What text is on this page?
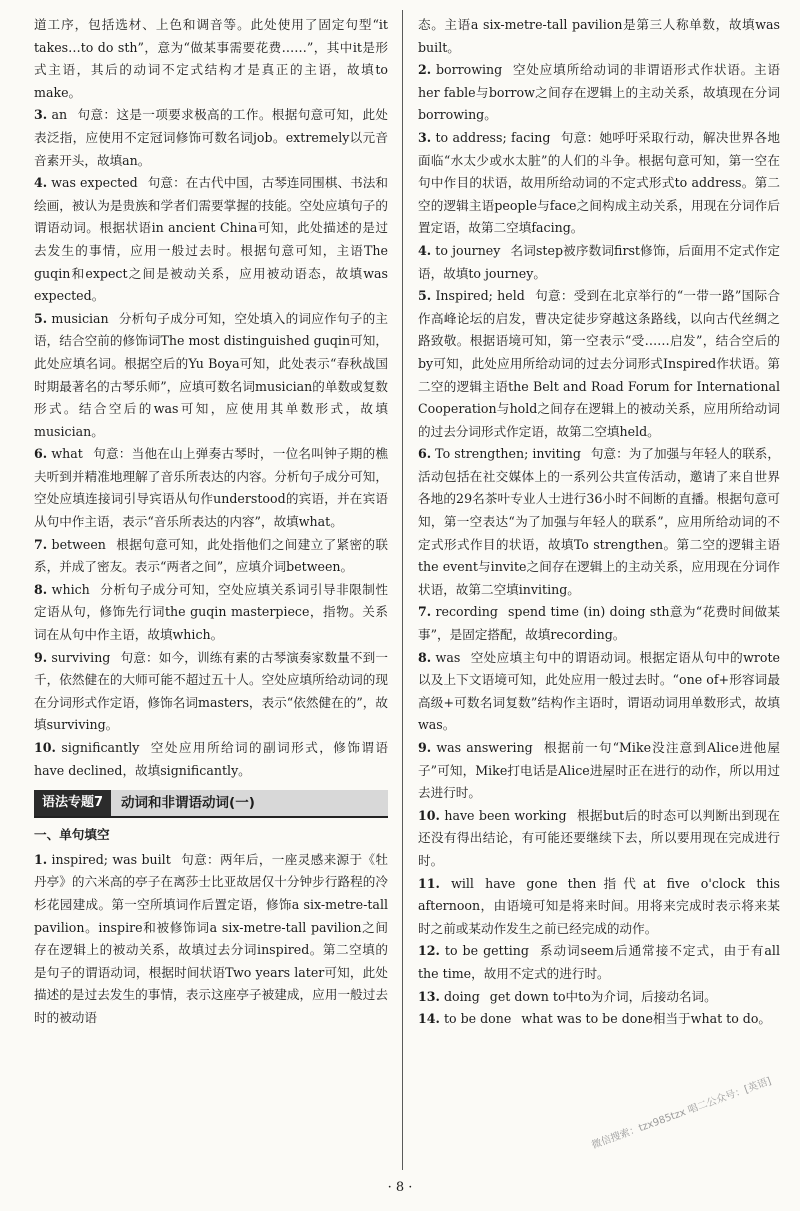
道工序，包括选材、上色和调音等。此处使用了固定句型“it takes…to do sth”，意为“做某事需要花费……”，其中it是形式主语，其后的动词不定式结构才是真正的主语，故填to make。

3. an 句意：这是一项要求极高的工作。根据句意可知，此处表泛指，应使用不定冠词修饰可数名词job。extremely以元音音素开头，故填an。

4. was expected 句意：在古代中国，古琴连同围棋、书法和绘画，被认为是贵族和学者们需要掌握的技能。空处应填句子的谓语动词。根据状语in ancient China可知，此处描述的是过去发生的事情，应用一般过去时。根据句意可知，主语The guqin和expect之间是被动关系，应用被动语态，故填was expected。

5. musician 分析句子成分可知，空处填入的词应作句子的主语，结合空前的修饰词The most distinguished guqin可知，此处应填名词。根据空后的Yu Boya可知，此处表示“春秋战国时期最著名的古琴乐师”，应填可数名词musician的单数或复数形式。结合空后的was可知，应使用其单数形式，故填musician。

6. what 句意：当他在山上弹奏古琴时，一位名叫钟子期的樵夫听到并精准地理解了音乐所表达的内容。分析句子成分可知，空处应填连接词引导宾语从句作understood的宾语，并在宾语从句中作主语，表示“音乐所表达的内容”，故填what。

7. between 根据句意可知，此处指他们之间建立了紧密的联系，并成了密友。表示“两者之间”，应填介词between。

8. which 分析句子成分可知，空处应填关系词引导非限制性定语从句，修饰先行词the guqin masterpiece，指物。关系词在从句中作主语，故填which。

9. surviving 句意：如今，训练有素的古琴演奏家数量不到一千，依然健在的大师可能不超过五十人。空处应填所给动词的现在分词形式作定语，修饰名词masters，表示“依然健在的”，故填surviving。

10. significantly 空处应用所给词的副词形式，修饰谓语have declined，故填significantly。

语法专题7	动词和非谓语动词(一)
一、单句填空

1. inspired; was built 句意：两年后，一座灵感来源于《牡丹亭》的六米高的亭子在离莎士比亚故居仅十分钟步行路程的冷杉花园建成。第一空所填词作后置定语，修饰a six-metre-tall pavilion。inspire和被修饰词a six-metre-tall pavilion之间存在逻辑上的被动关系，故填过去分词inspired。第二空填的是句子的谓语动词，根据时间状语Two years later可知，此处描述的是过去发生的事情，表示这座亭子被建成，应用一般过去时的被动语

态。主语a six-metre-tall pavilion是第三人称单数，故填was built。

2. borrowing 空处应填所给动词的非谓语形式作状语。主语her fable与borrow之间存在逻辑上的主动关系，故填现在分词borrowing。

3. to address; facing 句意：她呼吁采取行动，解决世界各地面临“水太少或水太脏”的人们的斗争。根据句意可知，第一空在句中作目的状语，故用所给动词的不定式形式to address。第二空的逻辑主语people与face之间构成主动关系，用现在分词作后置定语，故第二空填facing。

4. to journey 名词step被序数词first修饰，后面用不定式作定语，故填to journey。

5. Inspired; held 句意：受到在北京举行的“一带一路”国际合作高峰论坛的启发，曹决定徒步穿越这条路线，以向古代丝绸之路致敬。根据语境可知，第一空表示“受……启发”，结合空后的by可知，此处应用所给动词的过去分词形式Inspired作状语。第二空的逻辑主语the Belt and Road Forum for International Cooperation与hold之间存在逻辑上的被动关系，应用所给动词的过去分词形式作定语，故第二空填held。

6. To strengthen; inviting 句意：为了加强与年轻人的联系，活动包括在社交媒体上的一系列公共宣传活动，邀请了来自世界各地的29名茶叶专业人士进行36小时不间断的直播。根据句意可知，第一空表达“为了加强与年轻人的联系”，应用所给动词的不定式形式作目的状语，故填To strengthen。第二空的逻辑主语the event与invite之间存在逻辑上的主动关系，应用现在分词作状语，故第二空填inviting。

7. recording spend time (in) doing sth意为“花费时间做某事”，是固定搭配，故填recording。

8. was 空处应填主句中的谓语动词。根据定语从句中的wrote以及上下文语境可知，此处应用一般过去时。“one of+形容词最高级+可数名词复数”结构作主语时，谓语动词用单数形式，故填was。

9. was answering 根据前一句“Mike没注意到Alice进他屋子”可知，Mike打电话是Alice进屋时正在进行的动作，所以用过去进行时。

10. have been working 根据but后的时态可以判断出到现在还没有得出结论，有可能还要继续下去，所以要用现在完成进行时。

11. will have gone then指代at five o'clock this afternoon，由语境可知是将来时间。用将来完成时表示将来某时之前或某动作发生之前已经完成的动作。

12. to be getting 系动词seem后通常接不定式，由于有all the time，故用不定式的进行时。

13. doing get down to中to为介词，后接动名词。

14. to be done what was to be done相当于what to do。

· 8 ·
微信搜索：tzx985tzx 唱二公众号：[英语]
